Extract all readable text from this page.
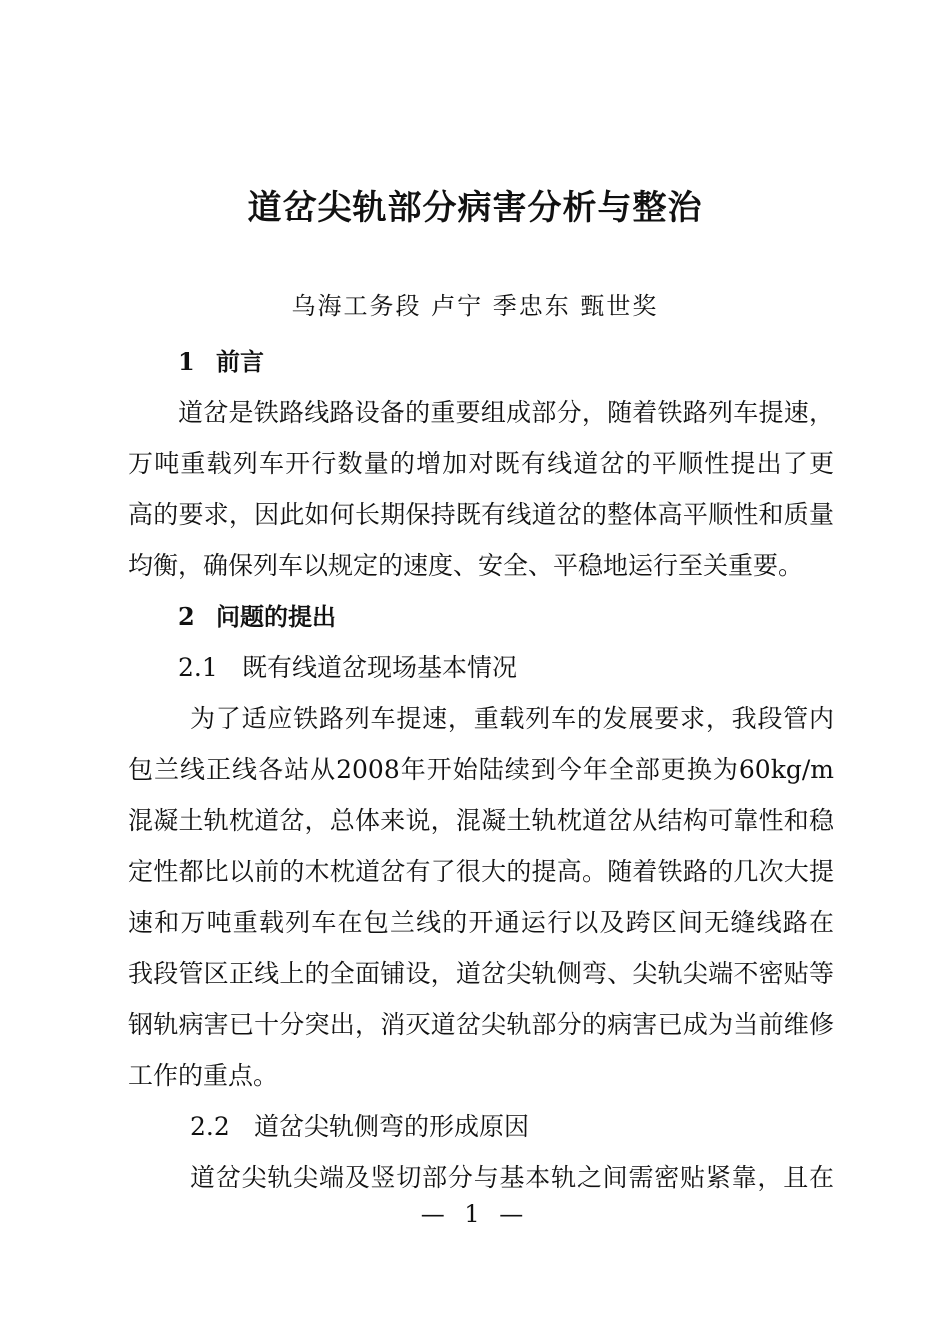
道岔尖轨部分病害分析与整治
乌海工务段 卢宁 季忠东 甄世奖
1 前言
道岔是铁路线路设备的重要组成部分，随着铁路列车提速，
万吨重载列车开行数量的增加对既有线道岔的平顺性提出了更
高的要求，因此如何长期保持既有线道岔的整体高平顺性和质量
均衡，确保列车以规定的速度、安全、平稳地运行至关重要。
2 问题的提出
2.1 既有线道岔现场基本情况
为了适应铁路列车提速，重载列车的发展要求，我段管内
包兰线正线各站从2008年开始陆续到今年全部更换为60kg/m
混凝土轨枕道岔，总体来说，混凝土轨枕道岔从结构可靠性和稳
定性都比以前的木枕道岔有了很大的提高。随着铁路的几次大提
速和万吨重载列车在包兰线的开通运行以及跨区间无缝线路在
我段管区正线上的全面铺设，道岔尖轨侧弯、尖轨尖端不密贴等
钢轨病害已十分突出，消灭道岔尖轨部分的病害已成为当前维修
工作的重点。
2.2 道岔尖轨侧弯的形成原因
道岔尖轨尖端及竖切部分与基本轨之间需密贴紧靠，且在
— 1 —
